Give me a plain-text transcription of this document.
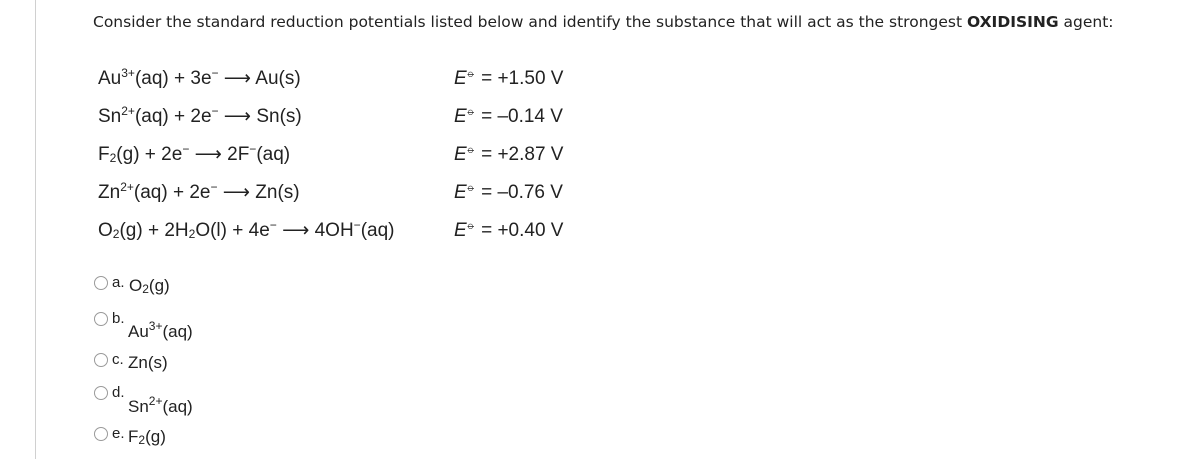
Consider the standard reduction potentials listed below and identify the substance that will act as the strongest OXIDISING agent:
$Au^{3+}(aq) + 3e^-$ ⟶ Au(s)
$Sn^{2+}(aq) + 2e^-$ ⟶ Sn(s)
$F_2(g) + 2e^-$ ⟶ 2F−(aq)
$Zn^{2+}(aq) + 2e^-$ ⟶ Zn(s)
$O_2(g) + 2H_2O(l) + 4e^-$ ⟶ 4OH−(aq)
E⦵ = +1.50 V
E⦵ = –0.14 V
E⦵ = +2.87 V
E⦵ = –0.76 V
E⦵ = +0.40 V
a. $O_2(g)$
b.
$Au^{3+}(aq)$
c. Zn(s)
d.
$Sn^{2+}(aq)$
e. $F_2(g)$
